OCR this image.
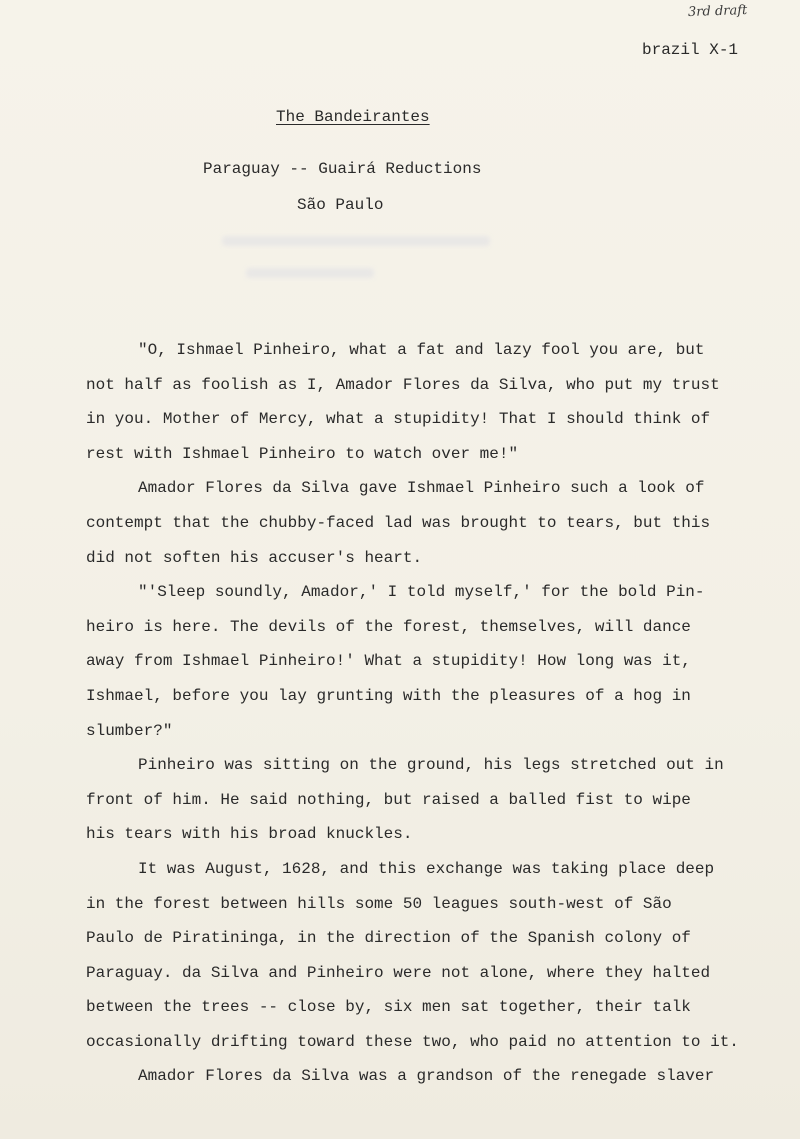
3rd draft
brazil X-1
The Bandeirantes
Paraguay -- Guairá Reductions
São Paulo
"O, Ishmael Pinheiro, what a fat and lazy fool you are, but
not half as foolish as I, Amador Flores da Silva, who put my trust
in you. Mother of Mercy, what a stupidity! That I should think of
rest with Ishmael Pinheiro to watch over me!"
Amador Flores da Silva gave Ishmael Pinheiro such a look of
contempt that the chubby-faced lad was brought to tears, but this
did not soften his accuser's heart.
"'Sleep soundly, Amador,' I told myself,' for the bold Pin-
heiro is here. The devils of the forest, themselves, will dance
away from Ishmael Pinheiro!' What a stupidity! How long was it,
Ishmael, before you lay grunting with the pleasures of a hog in
slumber?"
Pinheiro was sitting on the ground, his legs stretched out in
front of him. He said nothing, but raised a balled fist to wipe
his tears with his broad knuckles.
It was August, 1628, and this exchange was taking place deep
in the forest between hills some 50 leagues south-west of São
Paulo de Piratininga, in the direction of the Spanish colony of
Paraguay. da Silva and Pinheiro were not alone, where they halted
between the trees -- close by, six men sat together, their talk
occasionally drifting toward these two, who paid no attention to it.
Amador Flores da Silva was a grandson of the renegade slaver
